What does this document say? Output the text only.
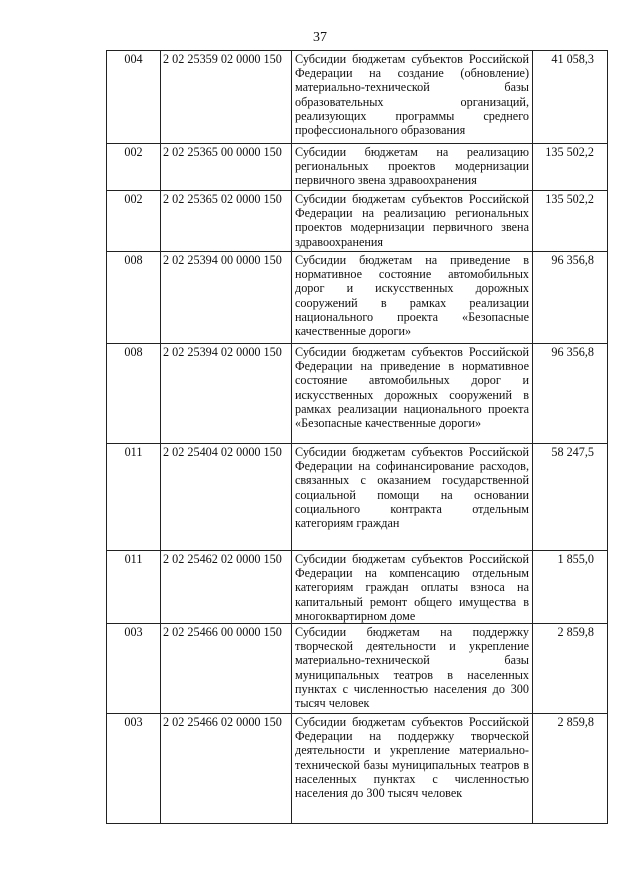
37
004	2 02 25359 02 0000 150	Субсидии бюджетам субъектов Российской Федерации на создание (обновление) материально-технической базы образовательных организаций, реализующих программы среднего профессионального образования	41 058,3
002	2 02 25365 00 0000 150	Субсидии бюджетам на реализацию региональных проектов модернизации первичного звена здравоохранения	135 502,2
002	2 02 25365 02 0000 150	Субсидии бюджетам субъектов Российской Федерации на реализацию региональных проектов модернизации первичного звена здравоохранения	135 502,2
008	2 02 25394 00 0000 150	Субсидии бюджетам на приведение в нормативное состояние автомобильных дорог и искусственных дорожных сооружений в рамках реализации национального проекта «Безопасные качественные дороги»	96 356,8
008	2 02 25394 02 0000 150	Субсидии бюджетам субъектов Российской Федерации на приведение в нормативное состояние автомобильных дорог и искусственных дорожных сооружений в рамках реализации национального проекта «Безопасные качественные дороги»	96 356,8
011	2 02 25404 02 0000 150	Субсидии бюджетам субъектов Российской Федерации на софинансирование расходов, связанных с оказанием государственной социальной помощи на основании социального контракта отдельным категориям граждан	58 247,5
011	2 02 25462 02 0000 150	Субсидии бюджетам субъектов Российской Федерации на компенсацию отдельным категориям граждан оплаты взноса на капитальный ремонт общего имущества в многоквартирном доме	1 855,0
003	2 02 25466 00 0000 150	Субсидии бюджетам на поддержку творческой деятельности и укрепление материально-технической базы муниципальных театров в населенных пунктах с численностью населения до 300 тысяч человек	2 859,8
003	2 02 25466 02 0000 150	Субсидии бюджетам субъектов Российской Федерации на поддержку творческой деятельности и укрепление материально-технической базы муниципальных театров в населенных пунктах с численностью населения до 300 тысяч человек	2 859,8
